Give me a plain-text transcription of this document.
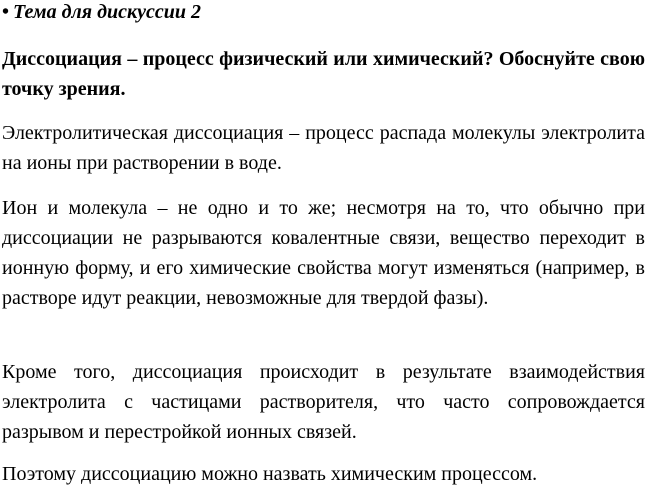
• Тема для дискуссии 2

Диссоциация – процесс физический или химический? Обоснуйте свою точку зрения.

Электролитическая диссоциация – процесс распада молекулы электролита на ионы при растворении в воде.

Ион и молекула – не одно и то же; несмотря на то, что обычно при диссоциации не разрываются ковалентные связи, вещество переходит в ионную форму, и его химические свойства могут изменяться (например, в растворе идут реакции, невозможные для твердой фазы).

Кроме того, диссоциация происходит в результате взаимодействия электролита с частицами растворителя, что часто сопровождается разрывом и перестройкой ионных связей.

Поэтому диссоциацию можно назвать химическим процессом.
